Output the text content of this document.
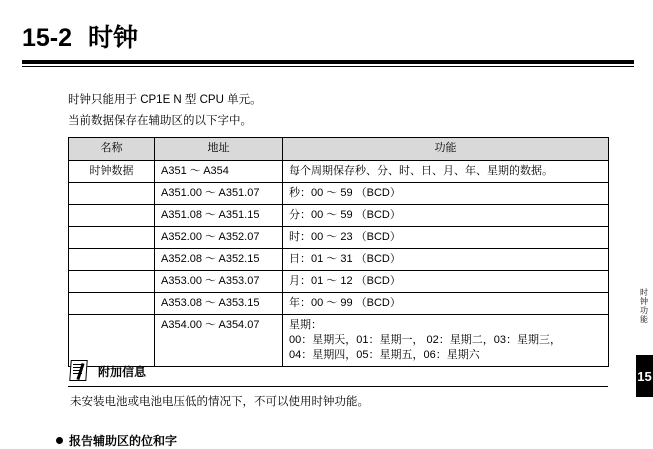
15-2 时钟
时钟只能用于 CP1E N 型 CPU 单元。
当前数据保存在辅助区的以下字中。
名称	地址	功能
时钟数据	A351 ～ A354	每个周期保存秒、分、时、日、月、年、星期的数据。
	A351.00 ～ A351.07	秒：00 ～ 59 （BCD）
	A351.08 ～ A351.15	分：00 ～ 59 （BCD）
	A352.00 ～ A352.07	时：00 ～ 23 （BCD）
	A352.08 ～ A352.15	日：01 ～ 31 （BCD）
	A353.00 ～ A353.07	月：01 ～ 12 （BCD）
	A353.08 ～ A353.15	年：00 ～ 99 （BCD）
	A354.00 ～ A354.07	星期：
00：星期天，01：星期一， 02：星期二，03：星期三，
04：星期四，05：星期五，06：星期六
附加信息
未安装电池或电池电压低的情况下，不可以使用时钟功能。
报告辅助区的位和字
时钟功能
15
